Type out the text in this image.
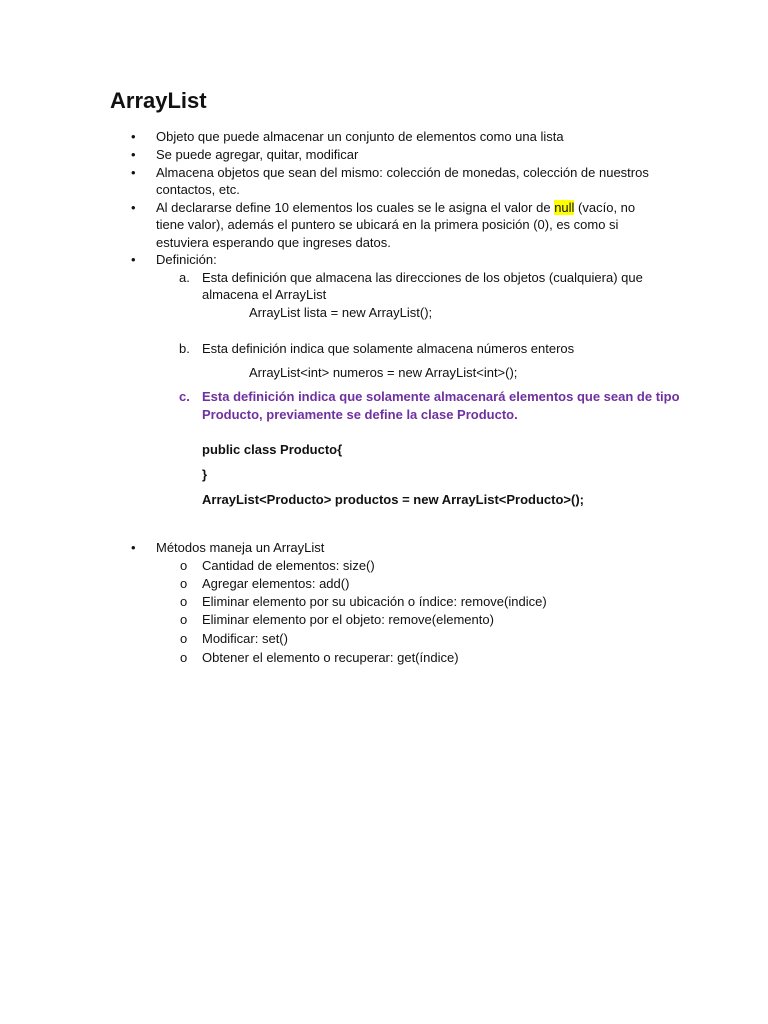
ArrayList
• Objeto que puede almacenar un conjunto de elementos como una lista
• Se puede agregar, quitar, modificar
• Almacena objetos que sean del mismo: colección de monedas, colección de nuestros
contactos, etc.
• Al declararse define 10 elementos los cuales se le asigna el valor de null (vacío, no
tiene valor), además el puntero se ubicará en la primera posición (0), es como si
estuviera esperando que ingreses datos.
• Definición:
a. Esta definición que almacena las direcciones de los objetos (cualquiera) que
almacena el ArrayList
ArrayList lista = new ArrayList();
b. Esta definición indica que solamente almacena números enteros
ArrayList<int> numeros = new ArrayList<int>();
c. Esta definición indica que solamente almacenará elementos que sean de tipo
Producto, previamente se define la clase Producto.
public class Producto{
}
ArrayList<Producto> productos = new ArrayList<Producto>();
• Métodos maneja un ArrayList
o Cantidad de elementos: size()
o Agregar elementos: add()
o Eliminar elemento por su ubicación o índice: remove(indice)
o Eliminar elemento por el objeto: remove(elemento)
o Modificar: set()
o Obtener el elemento o recuperar: get(índice)
